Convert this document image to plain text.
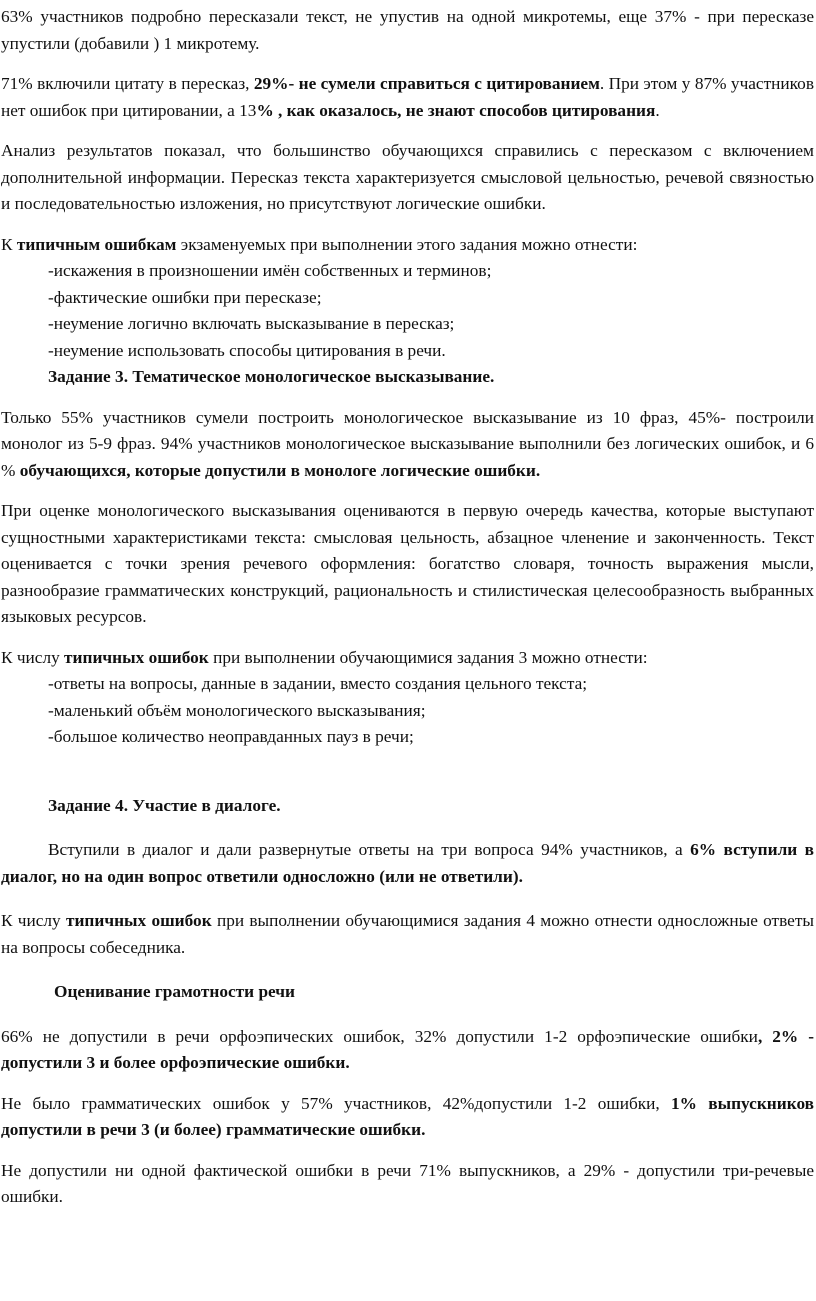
63% участников подробно пересказали текст, не упустив на одной микротемы, еще 37% - при пересказе упустили (добавили ) 1 микротему.

71% включили цитату в пересказ, 29%- не сумели справиться с цитированием. При этом у 87% участников нет ошибок при цитировании, а 13% , как оказалось, не знают способов цитирования.

Анализ результатов показал, что большинство обучающихся справились с пересказом с включением дополнительной информации. Пересказ текста характеризуется смысловой цельностью, речевой связностью и последовательностью изложения, но присутствуют логические ошибки.

К типичным ошибкам экзаменуемых при выполнении этого задания можно отнести:

-искажения в произношении имён собственных и терминов;

-фактические ошибки при пересказе;

-неумение логично включать высказывание в пересказ;

-неумение использовать способы цитирования в речи.

Задание 3. Тематическое монологическое высказывание.

Только 55% участников сумели построить монологическое высказывание из 10 фраз, 45%- построили монолог из 5-9 фраз. 94% участников монологическое высказывание выполнили без логических ошибок, и 6 % обучающихся, которые допустили в монологе логические ошибки.

При оценке монологического высказывания оцениваются в первую очередь качества, которые выступают сущностными характеристиками текста: смысловая цельность, абзацное членение и законченность. Текст оценивается с точки зрения речевого оформления: богатство словаря, точность выражения мысли, разнообразие грамматических конструкций, рациональность и стилистическая целесообразность выбранных языковых ресурсов.

К числу типичных ошибок при выполнении обучающимися задания 3 можно отнести:

-ответы на вопросы, данные в задании, вместо создания цельного текста;

-маленький объём монологического высказывания;

-большое количество неоправданных пауз в речи;

Задание 4. Участие в диалоге.

Вступили в диалог и дали развернутые ответы на три вопроса 94% участников, а 6% вступили в диалог, но на один вопрос ответили односложно (или не ответили).

К числу типичных ошибок при выполнении обучающимися задания 4 можно отнести односложные ответы на вопросы собеседника.

Оценивание грамотности речи

66% не допустили в речи орфоэпических ошибок, 32% допустили 1-2 орфоэпические ошибки, 2% - допустили 3 и более орфоэпические ошибки.

Не было грамматических ошибок у 57% участников, 42%допустили 1-2 ошибки, 1% выпускников допустили в речи 3 (и более) грамматические ошибки.

Не допустили ни одной фактической ошибки в речи 71% выпускников, а 29% - допустили три-речевые ошибки.
